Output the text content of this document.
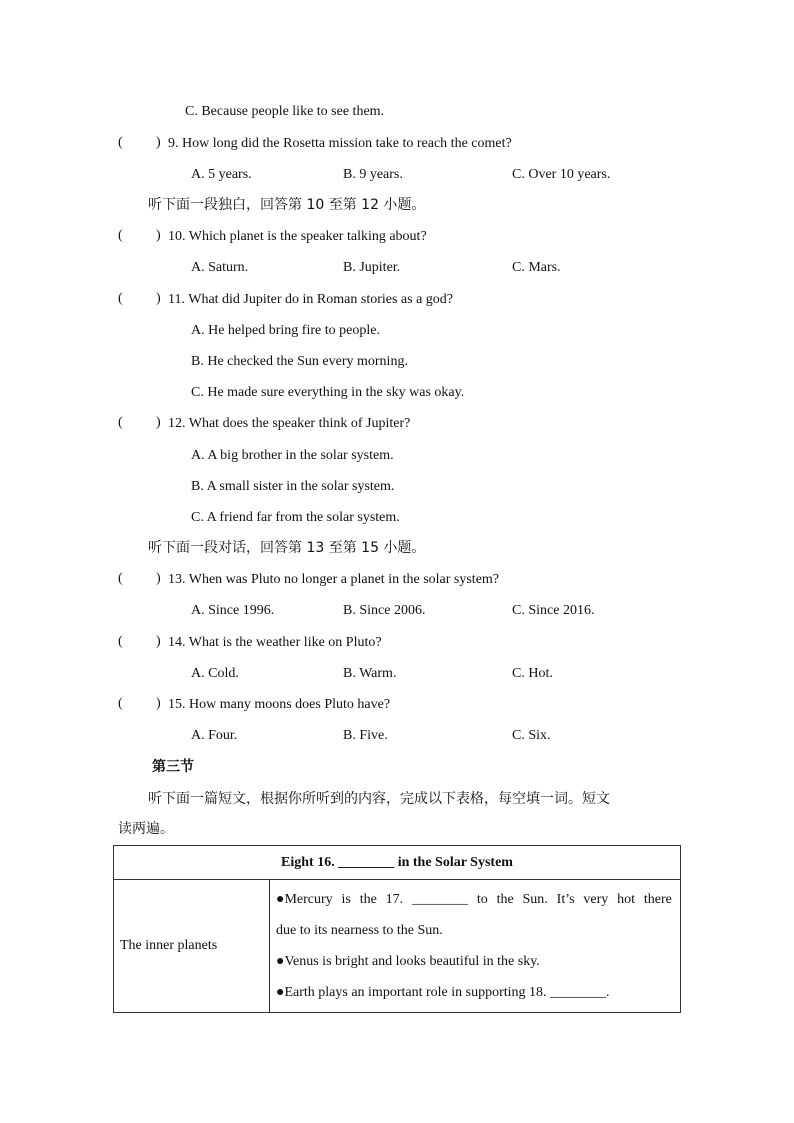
C. Because people like to see them.
( ) 9. How long did the Rosetta mission take to reach the comet?
A. 5 years.	B. 9 years.	C. Over 10 years.
听下面一段独白，回答第 10 至第 12 小题。
( ) 10. Which planet is the speaker talking about?
A. Saturn.	B. Jupiter.	C. Mars.
( ) 11. What did Jupiter do in Roman stories as a god?
A. He helped bring fire to people.
B. He checked the Sun every morning.
C. He made sure everything in the sky was okay.
( ) 12. What does the speaker think of Jupiter?
A. A big brother in the solar system.
B. A small sister in the solar system.
C. A friend far from the solar system.
听下面一段对话，回答第 13 至第 15 小题。
( ) 13. When was Pluto no longer a planet in the solar system?
A. Since 1996.	B. Since 2006.	C. Since 2016.
( ) 14. What is the weather like on Pluto?
A. Cold.	B. Warm.	C. Hot.
( ) 15. How many moons does Pluto have?
A. Four.	B. Five.	C. Six.
第三节
听下面一篇短文，根据你所听到的内容，完成以下表格，每空填一词。短文
读两遍。
Eight 16. ________ in the Solar System
The inner planets	
●Mercury is the 17. ________ to the Sun. It’s very hot there
due to its nearness to the Sun.
●Venus is bright and looks beautiful in the sky.
●Earth plays an important role in supporting 18. ________.
